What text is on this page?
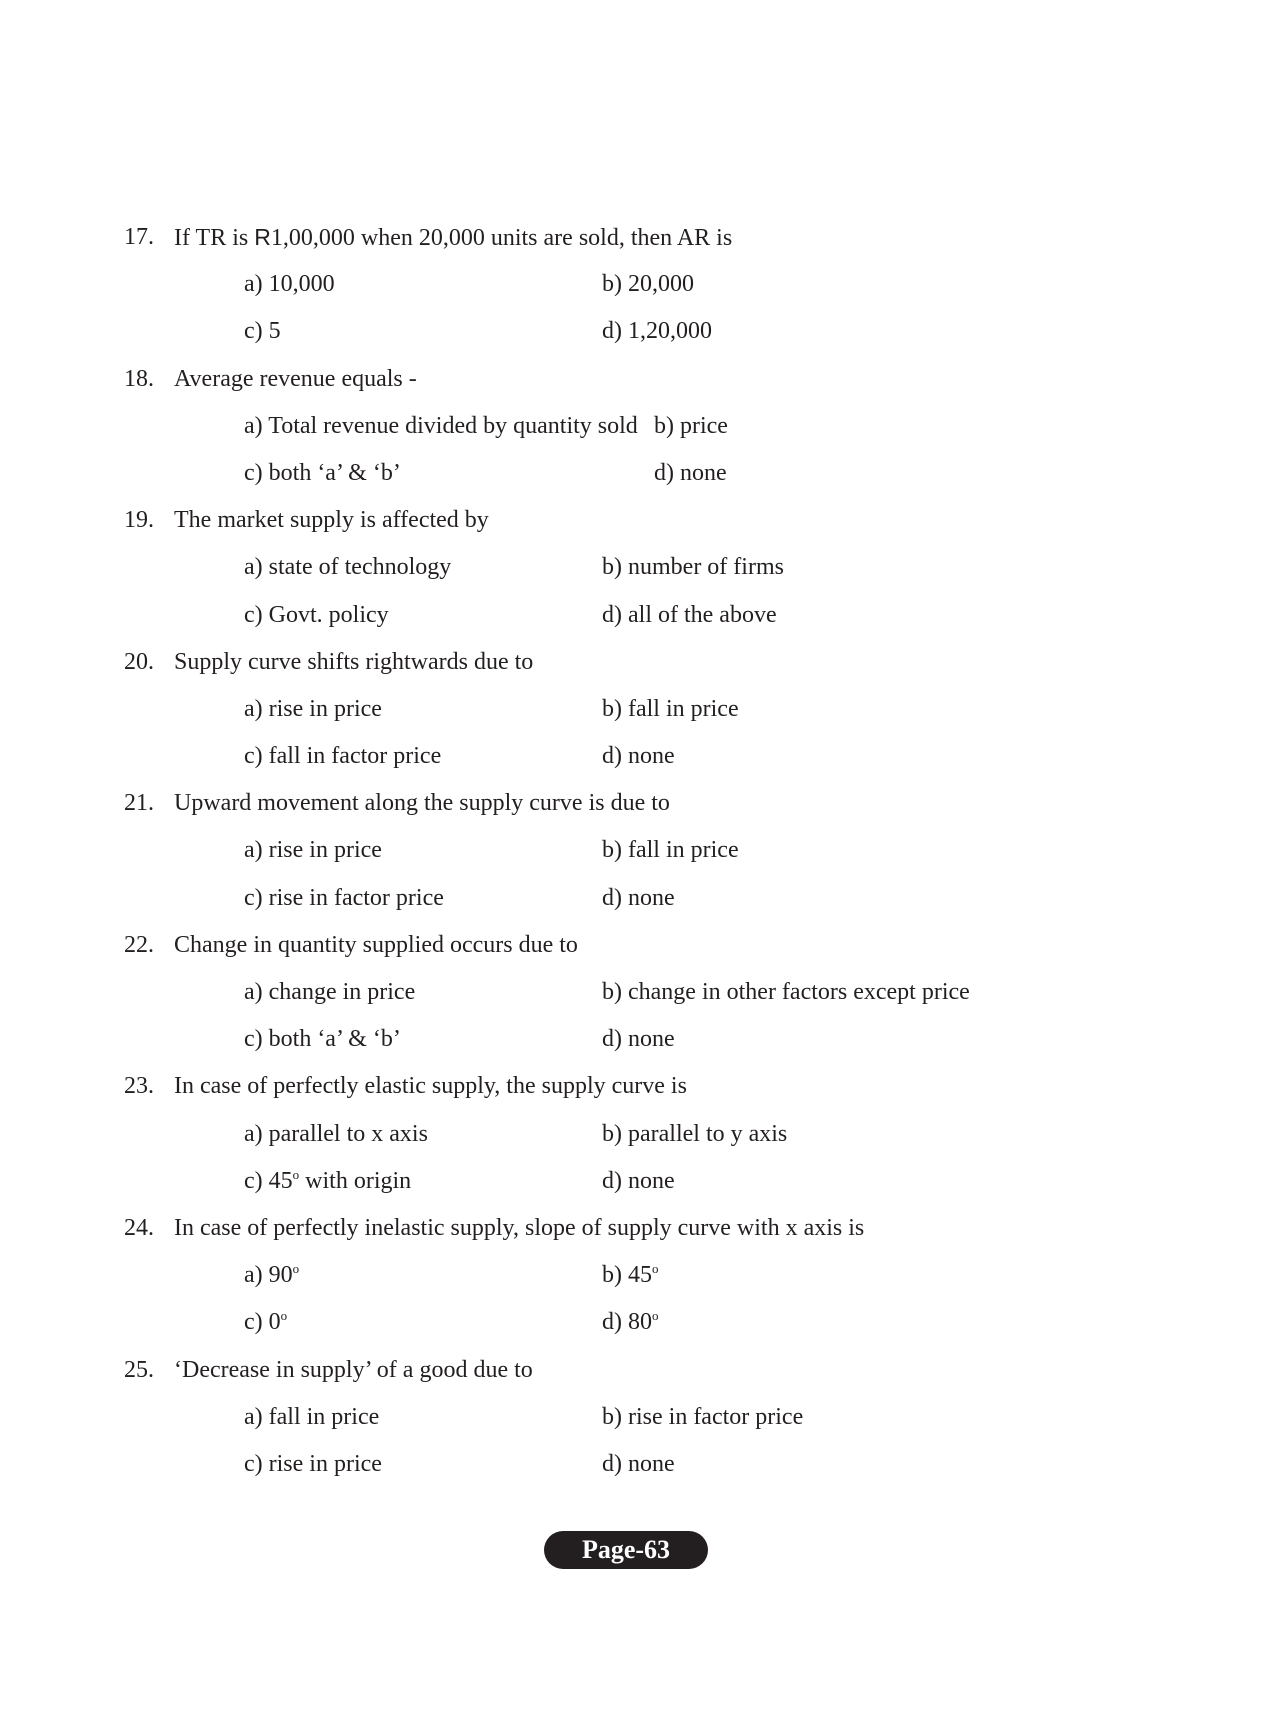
17. If TR is R1,00,000 when 20,000 units are sold, then AR is
a) 10,000	b) 20,000
c) 5	d) 1,20,000
18. Average revenue equals -
a) Total revenue divided by quantity sold b) price
c) both ‘a’ & ‘b’	d) none
19. The market supply is affected by
a) state of technology	b) number of firms
c) Govt. policy	d) all of the above
20. Supply curve shifts rightwards due to
a) rise in price	b) fall in price
c) fall in factor price	d) none
21. Upward movement along the supply curve is due to
a) rise in price	b) fall in price
c) rise in factor price	d) none
22. Change in quantity supplied occurs due to
a) change in price	b) change in other factors except price
c) both ‘a’ & ‘b’	d) none
23. In case of perfectly elastic supply, the supply curve is
a) parallel to x axis	b) parallel to y axis
c) 45$^o$ with origin	d) none
24. In case of perfectly inelastic supply, slope of supply curve with x axis is
a) 90$^o$	b) 45$^o$
c) 0$^o$	d) 80$^o$
25. ‘Decrease in supply’ of a good due to
a) fall in price	b) rise in factor price
c) rise in price	d) none
Page-63
